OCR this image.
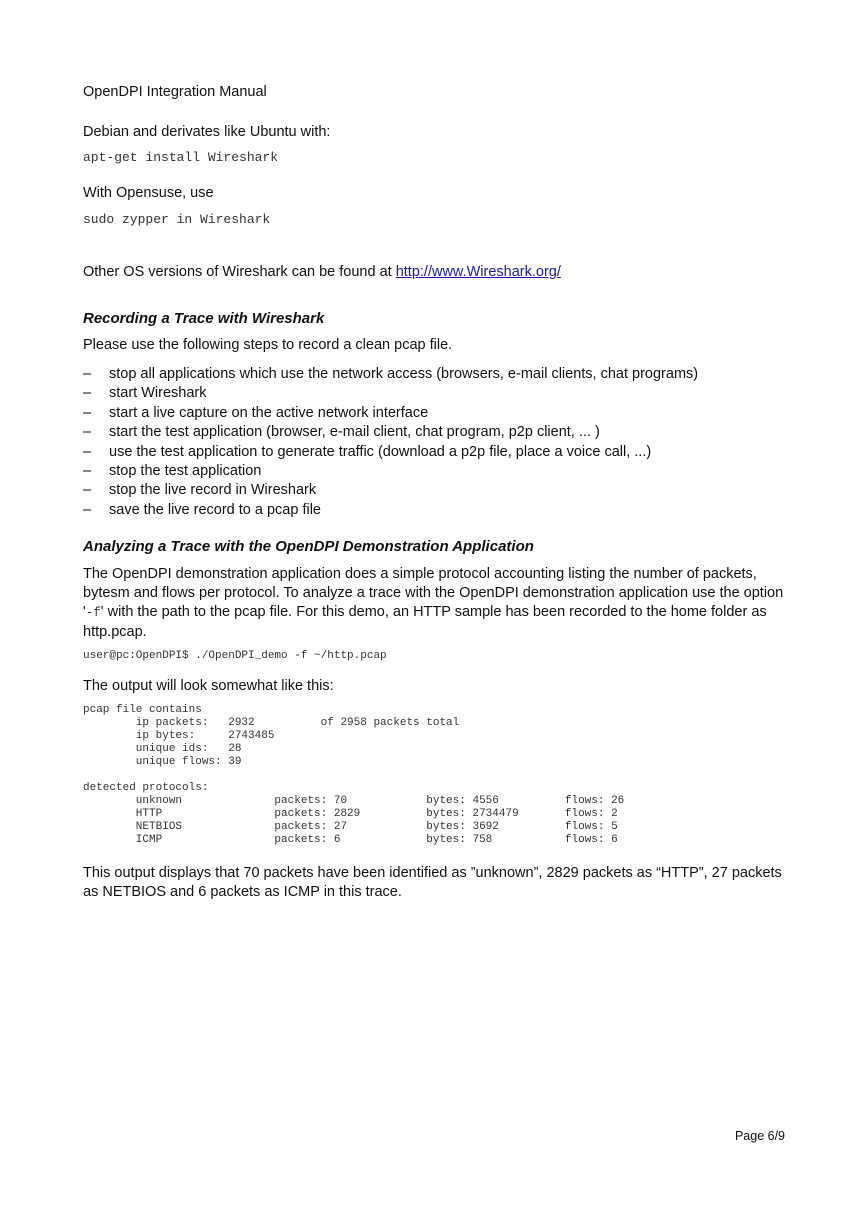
OpenDPI Integration Manual

Debian and derivates like Ubuntu with:

apt-get install Wireshark

With Opensuse, use

sudo zypper in Wireshark

Other OS versions of Wireshark can be found at http://www.Wireshark.org/

Recording a Trace with Wireshark

Please use the following steps to record a clean pcap file.

– stop all applications which use the network access (browsers, e-mail clients, chat programs)
– start Wireshark
– start a live capture on the active network interface
– start the test application (browser, e-mail client, chat program, p2p client, ... )
– use the test application to generate traffic (download a p2p file, place a voice call, ...)
– stop the test application
– stop the live record in Wireshark
– save the live record to a pcap file
Analyzing a Trace with the OpenDPI Demonstration Application

The OpenDPI demonstration application does a simple protocol accounting listing the number of packets,

bytesm and flows per protocol. To analyze a trace with the OpenDPI demonstration application use the option

'-f' with the path to the pcap file. For this demo, an HTTP sample has been recorded to the home folder as

http.pcap.

user@pc:OpenDPI$ ./OpenDPI_demo -f ~/http.pcap

The output will look somewhat like this:

pcap file contains
ip packets:   2932          of 2958 packets total
ip bytes:     2743485
unique ids:   28
unique flows: 39
detected protocols:
unknown              packets: 70            bytes: 4556          flows: 26
HTTP                 packets: 2829          bytes: 2734479       flows: 2
NETBIOS              packets: 27            bytes: 3692          flows: 5
ICMP                 packets: 6             bytes: 758           flows: 6

This output displays that 70 packets have been identified as ”unknown”, 2829 packets as “HTTP”, 27 packets

as NETBIOS and 6 packets as ICMP in this trace.

Page 6/9
